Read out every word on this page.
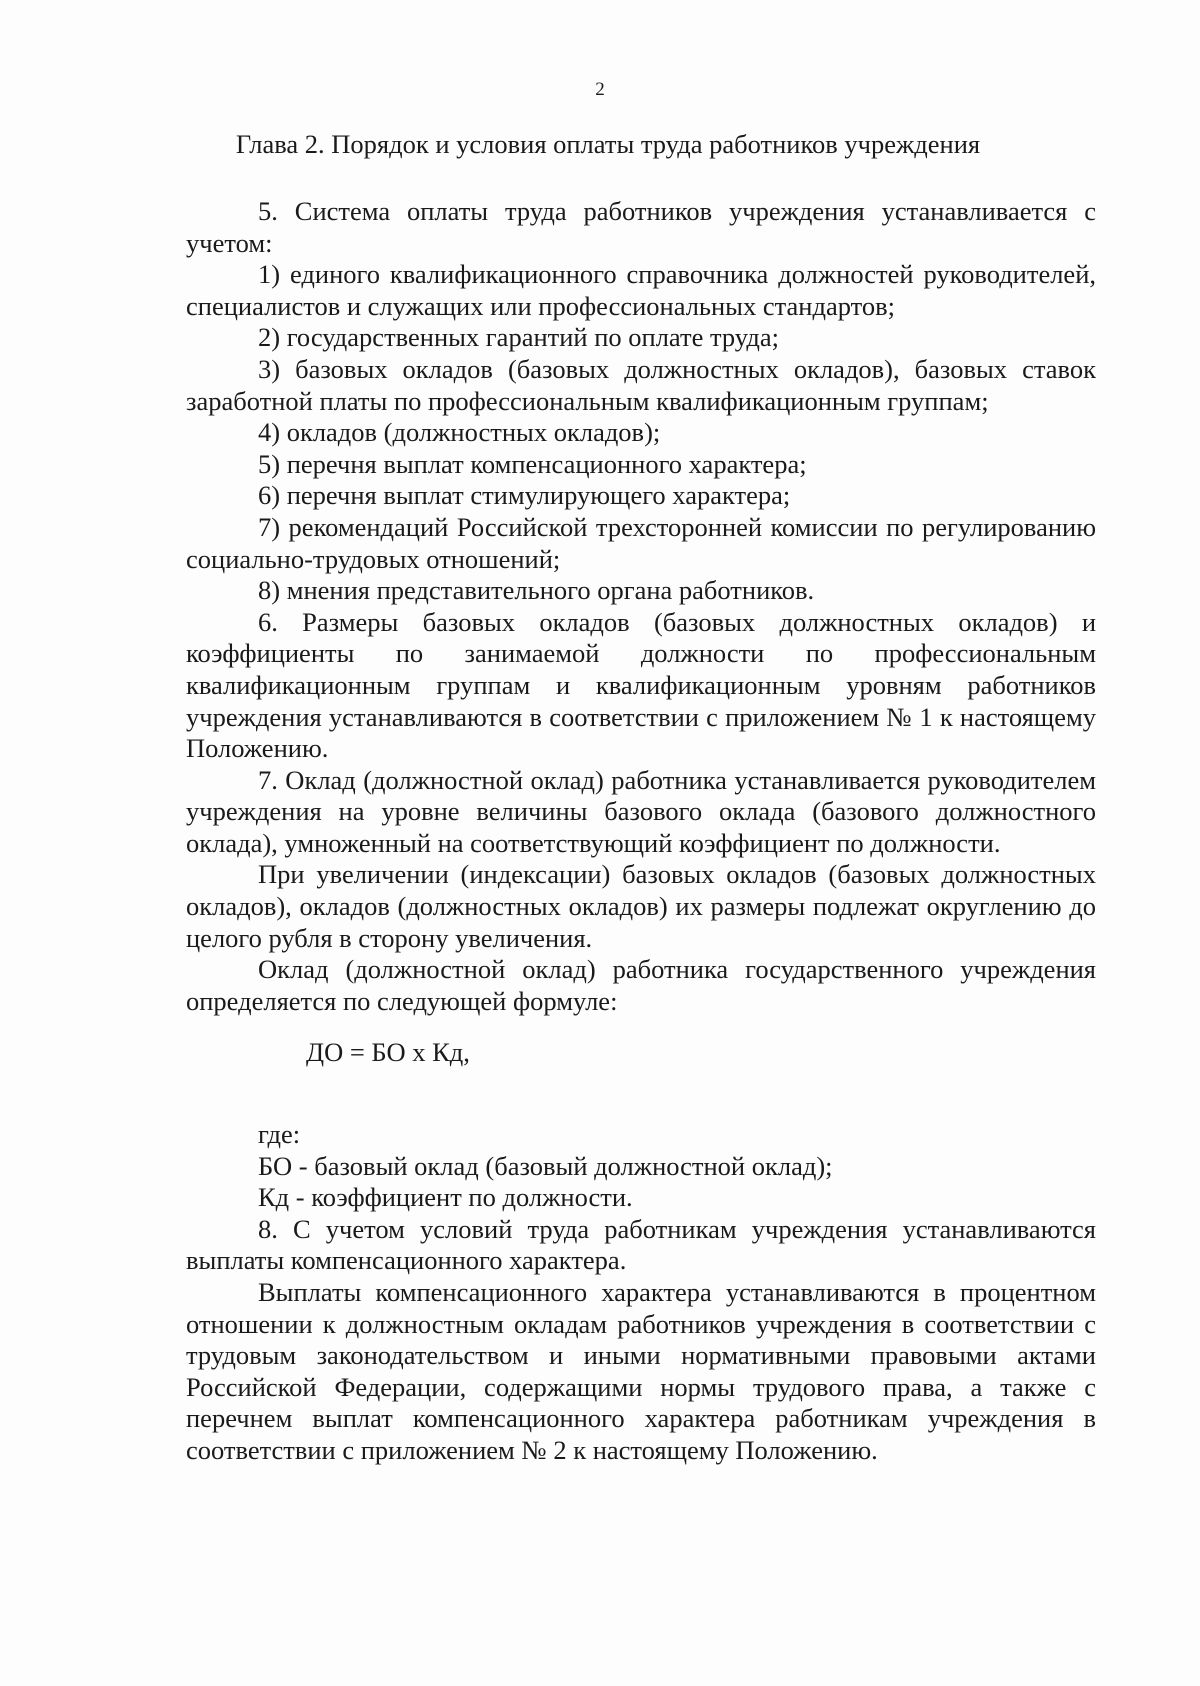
2
Глава 2. Порядок и условия оплаты труда работников учреждения

5. Система оплаты труда работников учреждения устанавливается с учетом:

1) единого квалификационного справочника должностей руководителей, специалистов и служащих или профессиональных стандартов;

2) государственных гарантий по оплате труда;

3) базовых окладов (базовых должностных окладов), базовых ставок заработной платы по профессиональным квалификационным группам;

4) окладов (должностных окладов);

5) перечня выплат компенсационного характера;

6) перечня выплат стимулирующего характера;

7) рекомендаций Российской трехсторонней комиссии по регулированию социально-трудовых отношений;

8) мнения представительного органа работников.

6. Размеры базовых окладов (базовых должностных окладов) и коэффициенты по занимаемой должности по профессиональным квалификационным группам и квалификационным уровням работников учреждения устанавливаются в соответствии с приложением № 1 к настоящему Положению.

7. Оклад (должностной оклад) работника устанавливается руководителем учреждения на уровне величины базового оклада (базового должностного оклада), умноженный на соответствующий коэффициент по должности.

При увеличении (индексации) базовых окладов (базовых должностных окладов), окладов (должностных окладов) их размеры подлежат округлению до целого рубля в сторону увеличения.

Оклад (должностной оклад) работника государственного учреждения определяется по следующей формуле:

ДО = БО х Кд,

где:

БО - базовый оклад (базовый должностной оклад);

Кд - коэффициент по должности.

8. С учетом условий труда работникам учреждения устанавливаются выплаты компенсационного характера.

Выплаты компенсационного характера устанавливаются в процентном отношении к должностным окладам работников учреждения в соответствии с трудовым законодательством и иными нормативными правовыми актами Российской Федерации, содержащими нормы трудового права, а также с перечнем выплат компенсационного характера работникам учреждения в соответствии с приложением № 2 к настоящему Положению.
